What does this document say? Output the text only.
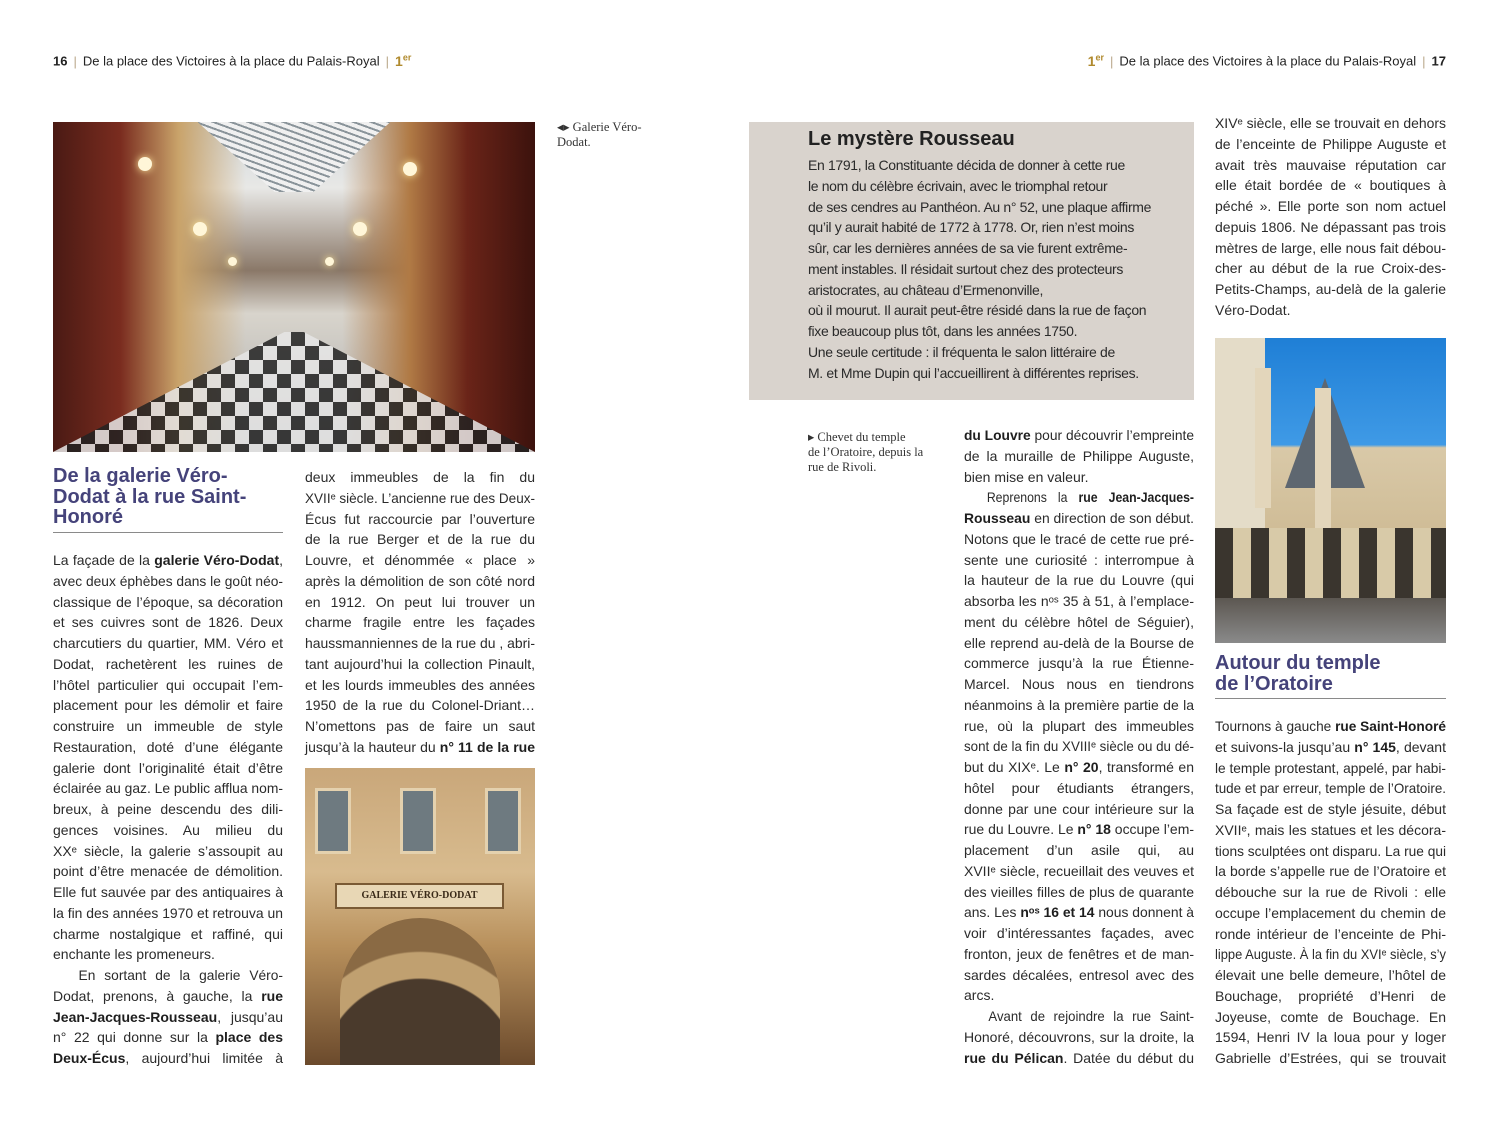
16 | De la place des Victoires à la place du Palais-Royal | 1er	1er | De la place des Victoires à la place du Palais-Royal | 17
◂▸ Galerie Véro-
Dodat.
GALERIE VÉRO-DODAT
▸ Chevet du temple
de l’Oratoire, depuis la
rue de Rivoli.
De la galerie Véro-
Dodat à la rue Saint-
Honoré
Autour du temple
de l’Oratoire
Le mystère Rousseau
En 1791, la Constituante décida de donner à cette rue
le nom du célèbre écrivain, avec le triomphal retour
de ses cendres au Panthéon. Au n° 52, une plaque affirme
qu’il y aurait habité de 1772 à 1778. Or, rien n’est moins
sûr, car les dernières années de sa vie furent extrême-
ment instables. Il résidait surtout chez des protecteurs
aristocrates, au château d’Ermenonville,
où il mourut. Il aurait peut-être résidé dans la rue de façon
fixe beaucoup plus tôt, dans les années 1750.
Une seule certitude : il fréquenta le salon littéraire de
M. et Mme Dupin qui l’accueillirent à différentes reprises.
La façade de la galerie Véro-Dodat,
avec deux éphèbes dans le goût néo-
classique de l’époque, sa décoration
et ses cuivres sont de 1826. Deux
charcutiers du quartier, MM. Véro et
Dodat, rachetèrent les ruines de
l’hôtel particulier qui occupait l’em-
placement pour les démolir et faire
construire un immeuble de style
Restauration, doté d’une élégante
galerie dont l’originalité était d’être
éclairée au gaz. Le public afflua nom-
breux, à peine descendu des dili-
gences voisines. Au milieu du
XXᵉ siècle, la galerie s’assoupit au
point d’être menacée de démolition.
Elle fut sauvée par des antiquaires à
la fin des années 1970 et retrouva un
charme nostalgique et raffiné, qui
enchante les promeneurs.
En sortant de la galerie Véro-
Dodat, prenons, à gauche, la rue
Jean-Jacques-Rousseau, jusqu’au
n° 22 qui donne sur la place des
Deux-Écus, aujourd’hui limitée à
deux immeubles de la fin du
XVIIᵉ siècle. L’ancienne rue des Deux-
Écus fut raccourcie par l’ouverture
de la rue Berger et de la rue du
Louvre, et dénommée « place »
après la démolition de son côté nord
en 1912. On peut lui trouver un
charme fragile entre les façades
haussmanniennes de la rue du , abri-
tant aujourd’hui la collection Pinault,
et les lourds immeubles des années
1950 de la rue du Colonel-Driant…
N’omettons pas de faire un saut
jusqu’à la hauteur du n° 11 de la rue
du Louvre pour découvrir l’empreinte
de la muraille de Philippe Auguste,
bien mise en valeur.
Reprenons la rue Jean-Jacques-
Rousseau en direction de son début.
Notons que le tracé de cette rue pré-
sente une curiosité : interrompue à
la hauteur de la rue du Louvre (qui
absorba les nᵒˢ 35 à 51, à l’emplace-
ment du célèbre hôtel de Séguier),
elle reprend au-delà de la Bourse de
commerce jusqu’à la rue Étienne-
Marcel. Nous nous en tiendrons
néanmoins à la première partie de la
rue, où la plupart des immeubles
sont de la fin du XVIIIᵉ siècle ou du dé-
but du XIXᵉ. Le n° 20, transformé en
hôtel pour étudiants étrangers,
donne par une cour intérieure sur la
rue du Louvre. Le n° 18 occupe l’em-
placement d’un asile qui, au
XVIIᵉ siècle, recueillait des veuves et
des vieilles filles de plus de quarante
ans. Les nᵒˢ 16 et 14 nous donnent à
voir d’intéressantes façades, avec
fronton, jeux de fenêtres et de man-
sardes décalées, entresol avec des
arcs.
Avant de rejoindre la rue Saint-
Honoré, découvrons, sur la droite, la
rue du Pélican. Datée du début du
XIVᵉ siècle, elle se trouvait en dehors
de l’enceinte de Philippe Auguste et
avait très mauvaise réputation car
elle était bordée de « boutiques à
péché ». Elle porte son nom actuel
depuis 1806. Ne dépassant pas trois
mètres de large, elle nous fait débou-
cher au début de la rue Croix-des-
Petits-Champs, au-delà de la galerie
Véro-Dodat.
Tournons à gauche rue Saint-Honoré
et suivons-la jusqu’au n° 145, devant
le temple protestant, appelé, par habi-
tude et par erreur, temple de l’Oratoire.
Sa façade est de style jésuite, début
XVIIᵉ, mais les statues et les décora-
tions sculptées ont disparu. La rue qui
la borde s’appelle rue de l’Oratoire et
débouche sur la rue de Rivoli : elle
occupe l’emplacement du chemin de
ronde intérieur de l’enceinte de Phi-
lippe Auguste. À la fin du XVIᵉ siècle, s’y
élevait une belle demeure, l’hôtel de
Bouchage, propriété d’Henri de
Joyeuse, comte de Bouchage. En
1594, Henri IV la loua pour y loger
Gabrielle d’Estrées, qui se trouvait
